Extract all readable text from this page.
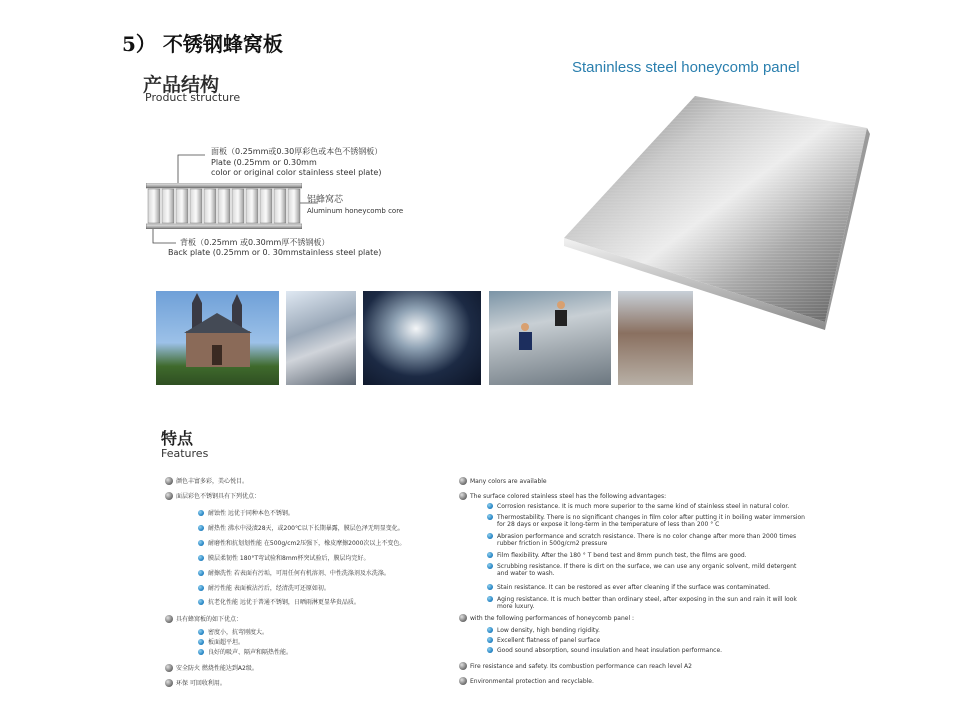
5） 不锈钢蜂窝板
产品结构
Product structure
Staninless steel honeycomb panel
面板（0.25mm或0.30厚彩色或本色不锈钢板）
Plate (0.25mm or 0.30mm
color or original color stainless steel plate)
铝蜂窝芯
Aluminum honeycomb core
背板（0.25mm 或0.30mm厚不锈钢板）
Back plate (0.25mm or 0. 30mmstainless steel plate)
特点
Features
颜色丰富多彩，美心悦目。
面层彩色不锈钢具有下列优点：
耐蚀性 远优于同种本色不锈钢。
耐热性 沸水中浸渍28天，或200℃以下长期暴露，膜层色泽无明显变化。
耐磨性和抗划划性能 在500g/cm2压强下，橡皮摩擦2000次以上不变色。
膜层柔韧性 180°T弯试验和8mm杯突试验后，膜层均完好。
耐擦洗性 若表面有污垢，可用任何有机溶剂、中性洗涤剂及水洗涤。
耐污性能 表面被沾污后，经清洗可还原如初。
抗老化性能 远优于普通不锈钢，日晒雨淋更显华贵品质。
具有蜂窝板的如下优点：
密度小，抗弯刚度大。
板面超平坦。
良好的吸声、隔声和隔热性能。
安全防火 燃烧性能达到A2级。
环保 可回收利用。
Many colors are available
The surface colored stainless steel has the following advantages:
Corrosion resistance. It is much more superior to the same kind of stainless steel in natural color.
Thermostability. There is no significant changes in film color after putting it in boiling water immersion for 28 days or expose it long-term in the temperature of less than 200 ° C
Abrasion performance and scratch resistance. There is no color change after more than 2000 times rubber friction in 500g/cm2 pressure
Film flexibility. After the 180 ° T bend test and 8mm punch test, the films are good.
Scrubbing resistance. If there is dirt on the surface, we can use any organic solvent, mild detergent and water to wash.
Stain resistance. It can be restored as ever after cleaning if the surface was contaminated.
Aging resistance. It is much better than ordinary steel, after exposing in the sun and rain it will look more luxury.
with the following performances of honeycomb panel :
Low density, high bending rigidity.
Excellent flatness of panel surface
Good sound absorption, sound insulation and heat insulation performance.
Fire resistance and safety. Its combustion performance can reach level A2
Environmental protection and recyclable.
